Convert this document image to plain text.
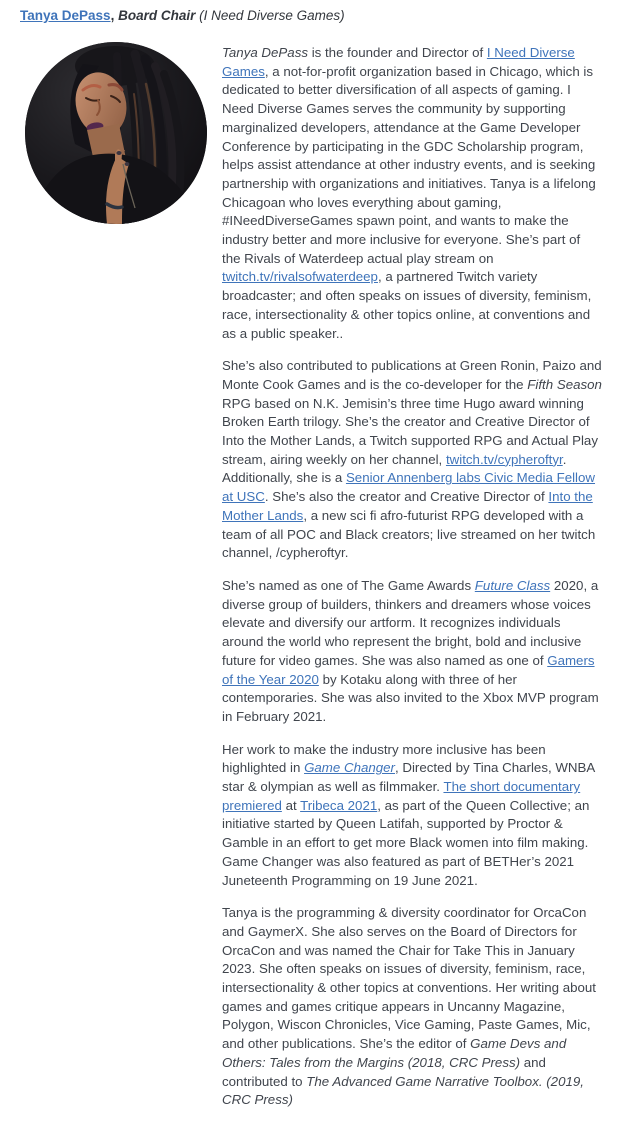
Tanya DePass, Board Chair (I Need Diverse Games)

Tanya DePass is the founder and Director of I Need Diverse Games, a not-for-profit organization based in Chicago, which is dedicated to better diversification of all aspects of gaming. I Need Diverse Games serves the community by supporting marginalized developers, attendance at the Game Developer Conference by participating in the GDC Scholarship program, helps assist attendance at other industry events, and is seeking partnership with organizations and initiatives. Tanya is a lifelong Chicagoan who loves everything about gaming, #INeedDiverseGames spawn point, and wants to make the industry better and more inclusive for everyone. She’s part of the Rivals of Waterdeep actual play stream on twitch.tv/rivalsofwaterdeep, a partnered Twitch variety broadcaster; and often speaks on issues of diversity, feminism, race, intersectionality & other topics online, at conventions and as a public speaker..

She’s also contributed to publications at Green Ronin, Paizo and Monte Cook Games and is the co-developer for the Fifth Season RPG based on N.K. Jemisin’s three time Hugo award winning Broken Earth trilogy. She’s the creator and Creative Director of Into the Mother Lands, a Twitch supported RPG and Actual Play stream, airing weekly on her channel, twitch.tv/cypheroftyr. Additionally, she is a Senior Annenberg labs Civic Media Fellow at USC. She’s also the creator and Creative Director of Into the Mother Lands, a new sci fi afro-futurist RPG developed with a team of all POC and Black creators; live streamed on her twitch channel, /cypheroftyr.

She’s named as one of The Game Awards Future Class 2020, a diverse group of builders, thinkers and dreamers whose voices elevate and diversify our artform. It recognizes individuals around the world who represent the bright, bold and inclusive future for video games. She was also named as one of Gamers of the Year 2020 by Kotaku along with three of her contemporaries. She was also invited to the Xbox MVP program in February 2021.

Her work to make the industry more inclusive has been highlighted in Game Changer, Directed by Tina Charles, WNBA star & olympian as well as filmmaker. The short documentary premiered at Tribeca 2021, as part of the Queen Collective; an initiative started by Queen Latifah, supported by Proctor & Gamble in an effort to get more Black women into film making. Game Changer was also featured as part of BETHer’s 2021 Juneteenth Programming on 19 June 2021.

Tanya is the programming & diversity coordinator for OrcaCon and GaymerX. She also serves on the Board of Directors for OrcaCon and was named the Chair for Take This in January 2023. She often speaks on issues of diversity, feminism, race, intersectionality & other topics at conventions. Her writing about games and games critique appears in Uncanny Magazine, Polygon, Wiscon Chronicles, Vice Gaming, Paste Games, Mic, and other publications. She’s the editor of Game Devs and Others: Tales from the Margins (2018, CRC Press) and contributed to The Advanced Game Narrative Toolbox. (2019, CRC Press)
